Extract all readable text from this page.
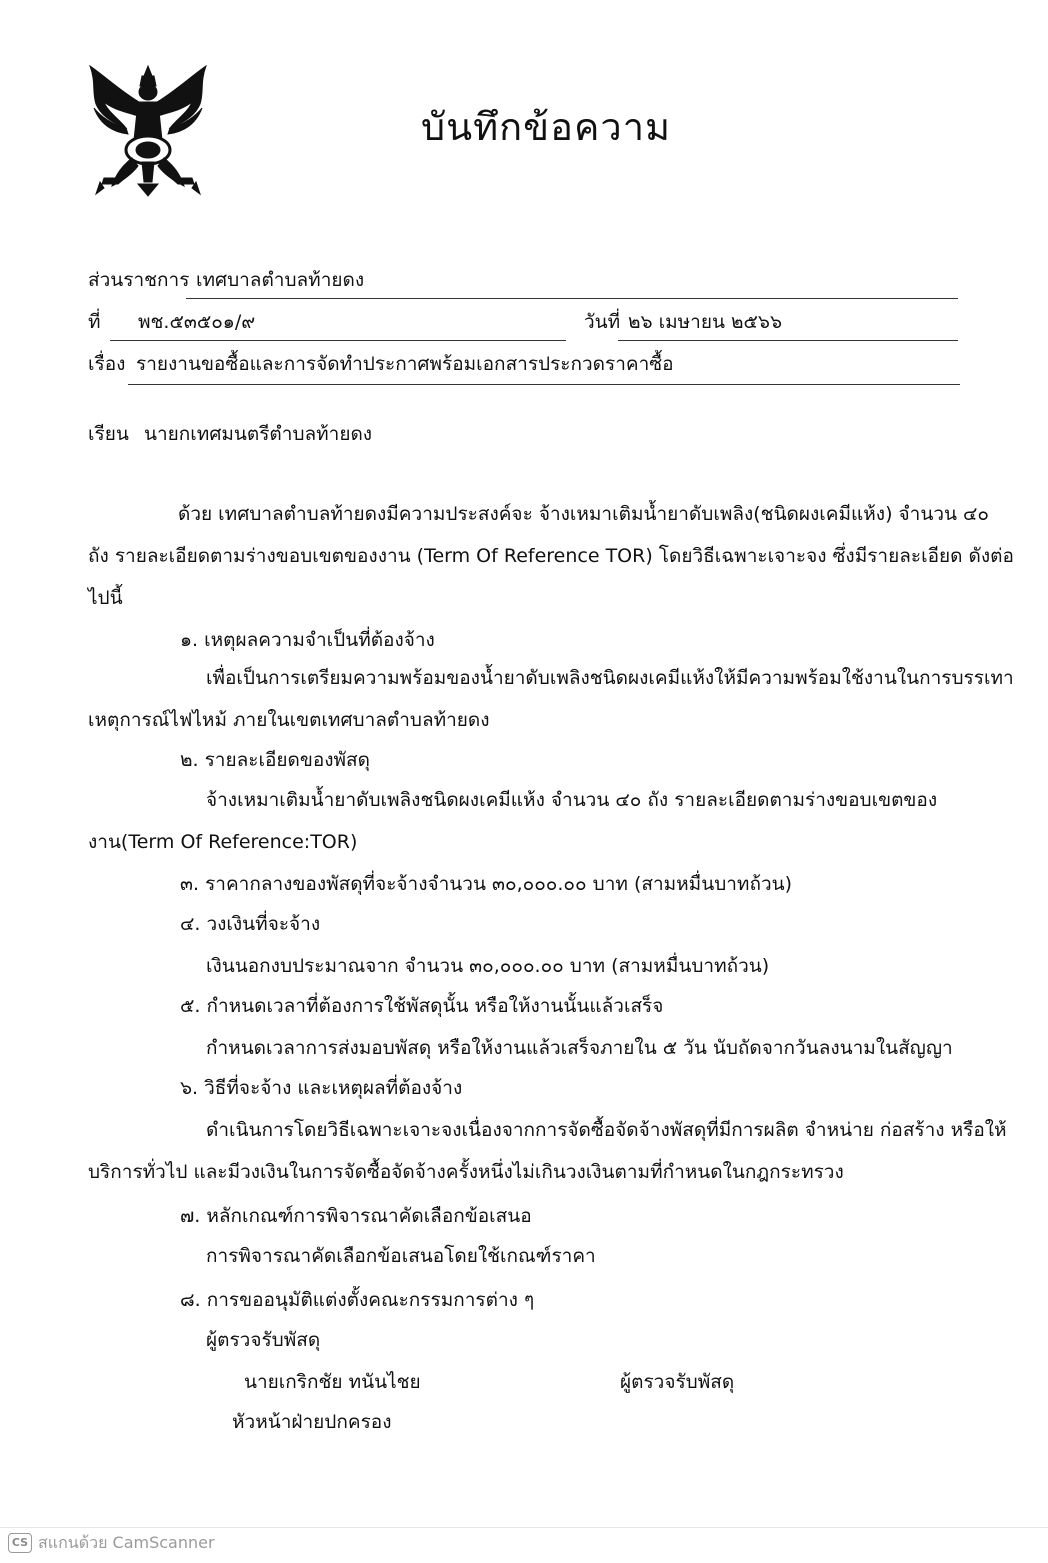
บันทึกข้อความ
ส่วนราชการ เทศบาลตำบลท้ายดง
ที่ พช.๕๓๕๐๑/๙	วันที่ ๒๖ เมษายน ๒๕๖๖
เรื่อง รายงานขอซื้อและการจัดทำประกาศพร้อมเอกสารประกวดราคาซื้อ
เรียน นายกเทศมนตรีตำบลท้ายดง
ด้วย เทศบาลตำบลท้ายดงมีความประสงค์จะ จ้างเหมาเติมน้ำยาดับเพลิง(ชนิดผงเคมีแห้ง) จำนวน ๔๐
ถัง รายละเอียดตามร่างขอบเขตของงาน (Term Of Reference TOR) โดยวิธีเฉพาะเจาะจง ซึ่งมีรายละเอียด ดังต่อ
ไปนี้
๑. เหตุผลความจำเป็นที่ต้องจ้าง
เพื่อเป็นการเตรียมความพร้อมของน้ำยาดับเพลิงชนิดผงเคมีแห้งให้มีความพร้อมใช้งานในการบรรเทา
เหตุการณ์ไฟไหม้ ภายในเขตเทศบาลตำบลท้ายดง
๒. รายละเอียดของพัสดุ
จ้างเหมาเติมน้ำยาดับเพลิงชนิดผงเคมีแห้ง จำนวน ๔๐ ถัง รายละเอียดตามร่างขอบเขตของ
งาน(Term Of Reference:TOR)
๓. ราคากลางของพัสดุที่จะจ้างจำนวน ๓๐,๐๐๐.๐๐ บาท (สามหมื่นบาทถ้วน)
๔. วงเงินที่จะจ้าง
เงินนอกงบประมาณจาก จำนวน ๓๐,๐๐๐.๐๐ บาท (สามหมื่นบาทถ้วน)
๕. กำหนดเวลาที่ต้องการใช้พัสดุนั้น หรือให้งานนั้นแล้วเสร็จ
กำหนดเวลาการส่งมอบพัสดุ หรือให้งานแล้วเสร็จภายใน ๕ วัน นับถัดจากวันลงนามในสัญญา
๖. วิธีที่จะจ้าง และเหตุผลที่ต้องจ้าง
ดำเนินการโดยวิธีเฉพาะเจาะจงเนื่องจากการจัดซื้อจัดจ้างพัสดุที่มีการผลิต จำหน่าย ก่อสร้าง หรือให้
บริการทั่วไป และมีวงเงินในการจัดซื้อจัดจ้างครั้งหนึ่งไม่เกินวงเงินตามที่กำหนดในกฎกระทรวง
๗. หลักเกณฑ์การพิจารณาคัดเลือกข้อเสนอ
การพิจารณาคัดเลือกข้อเสนอโดยใช้เกณฑ์ราคา
๘. การขออนุมัติแต่งตั้งคณะกรรมการต่าง ๆ
ผู้ตรวจรับพัสดุ
นายเกริกชัย ทนันไชย	ผู้ตรวจรับพัสดุ
หัวหน้าฝ่ายปกครอง
CS สแกนด้วย CamScanner
